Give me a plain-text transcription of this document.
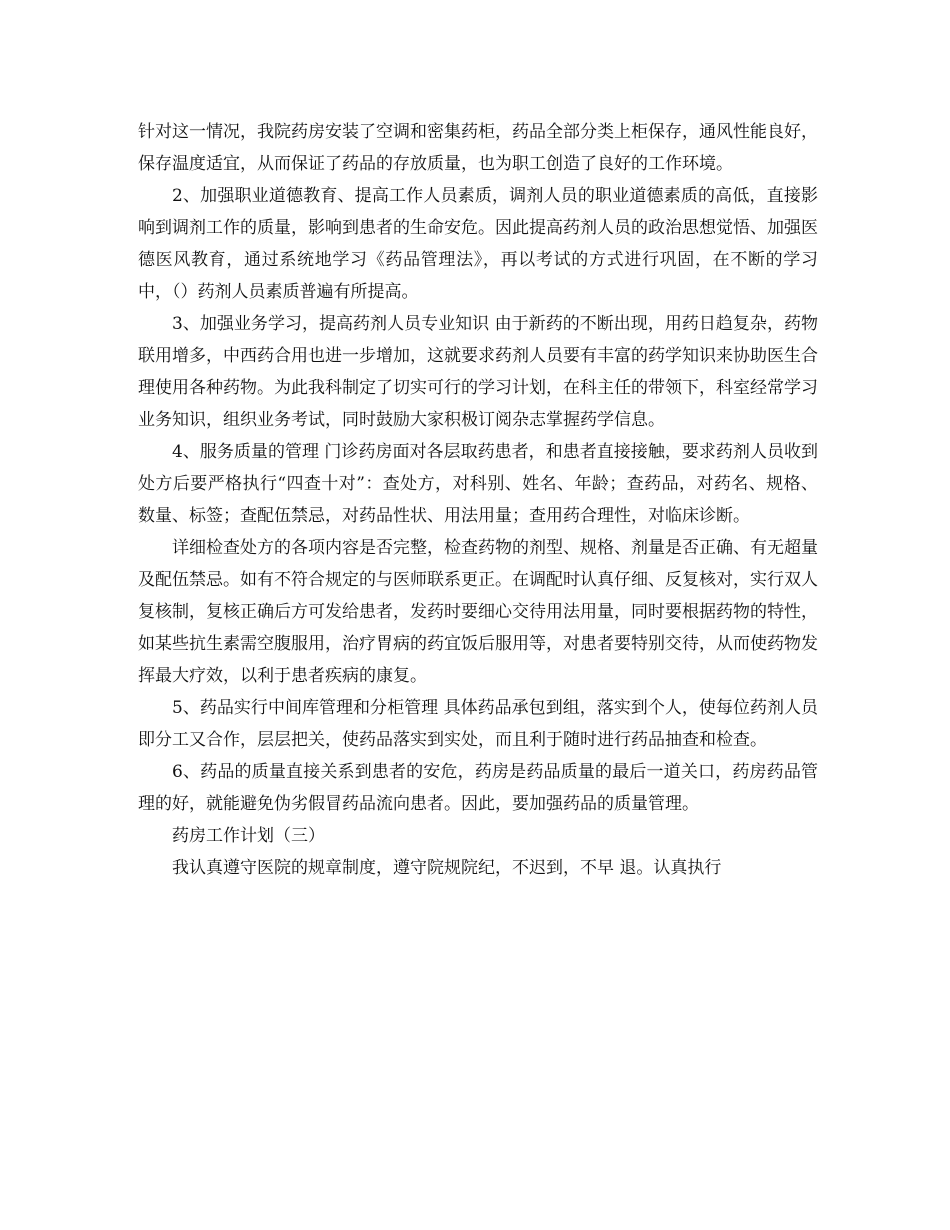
针对这一情况，我院药房安装了空调和密集药柜，药品全部分类上柜保存，通风性能良好，保存温度适宜，从而保证了药品的存放质量，也为职工创造了良好的工作环境。

2、加强职业道德教育、提高工作人员素质，调剂人员的职业道德素质的高低，直接影响到调剂工作的质量，影响到患者的生命安危。因此提高药剂人员的政治思想觉悟、加强医德医风教育，通过系统地学习《药品管理法》，再以考试的方式进行巩固，在不断的学习中，（）药剂人员素质普遍有所提高。

3、加强业务学习，提高药剂人员专业知识 由于新药的不断出现，用药日趋复杂，药物联用增多，中西药合用也进一步增加，这就要求药剂人员要有丰富的药学知识来协助医生合理使用各种药物。为此我科制定了切实可行的学习计划，在科主任的带领下，科室经常学习业务知识，组织业务考试，同时鼓励大家积极订阅杂志掌握药学信息。

4、服务质量的管理 门诊药房面对各层取药患者，和患者直接接触，要求药剂人员收到处方后要严格执行“四查十对”：查处方，对科别、姓名、年龄；查药品，对药名、规格、数量、标签；查配伍禁忌，对药品性状、用法用量；查用药合理性，对临床诊断。

详细检查处方的各项内容是否完整，检查药物的剂型、规格、剂量是否正确、有无超量及配伍禁忌。如有不符合规定的与医师联系更正。在调配时认真仔细、反复核对，实行双人复核制，复核正确后方可发给患者，发药时要细心交待用法用量，同时要根据药物的特性，如某些抗生素需空腹服用，治疗胃病的药宜饭后服用等，对患者要特别交待，从而使药物发挥最大疗效，以利于患者疾病的康复。

5、药品实行中间库管理和分柜管理 具体药品承包到组，落实到个人，使每位药剂人员即分工又合作，层层把关，使药品落实到实处，而且利于随时进行药品抽查和检查。

6、药品的质量直接关系到患者的安危，药房是药品质量的最后一道关口，药房药品管理的好，就能避免伪劣假冒药品流向患者。因此，要加强药品的质量管理。

药房工作计划（三）

我认真遵守医院的规章制度，遵守院规院纪，不迟到，不早 退。认真执行
